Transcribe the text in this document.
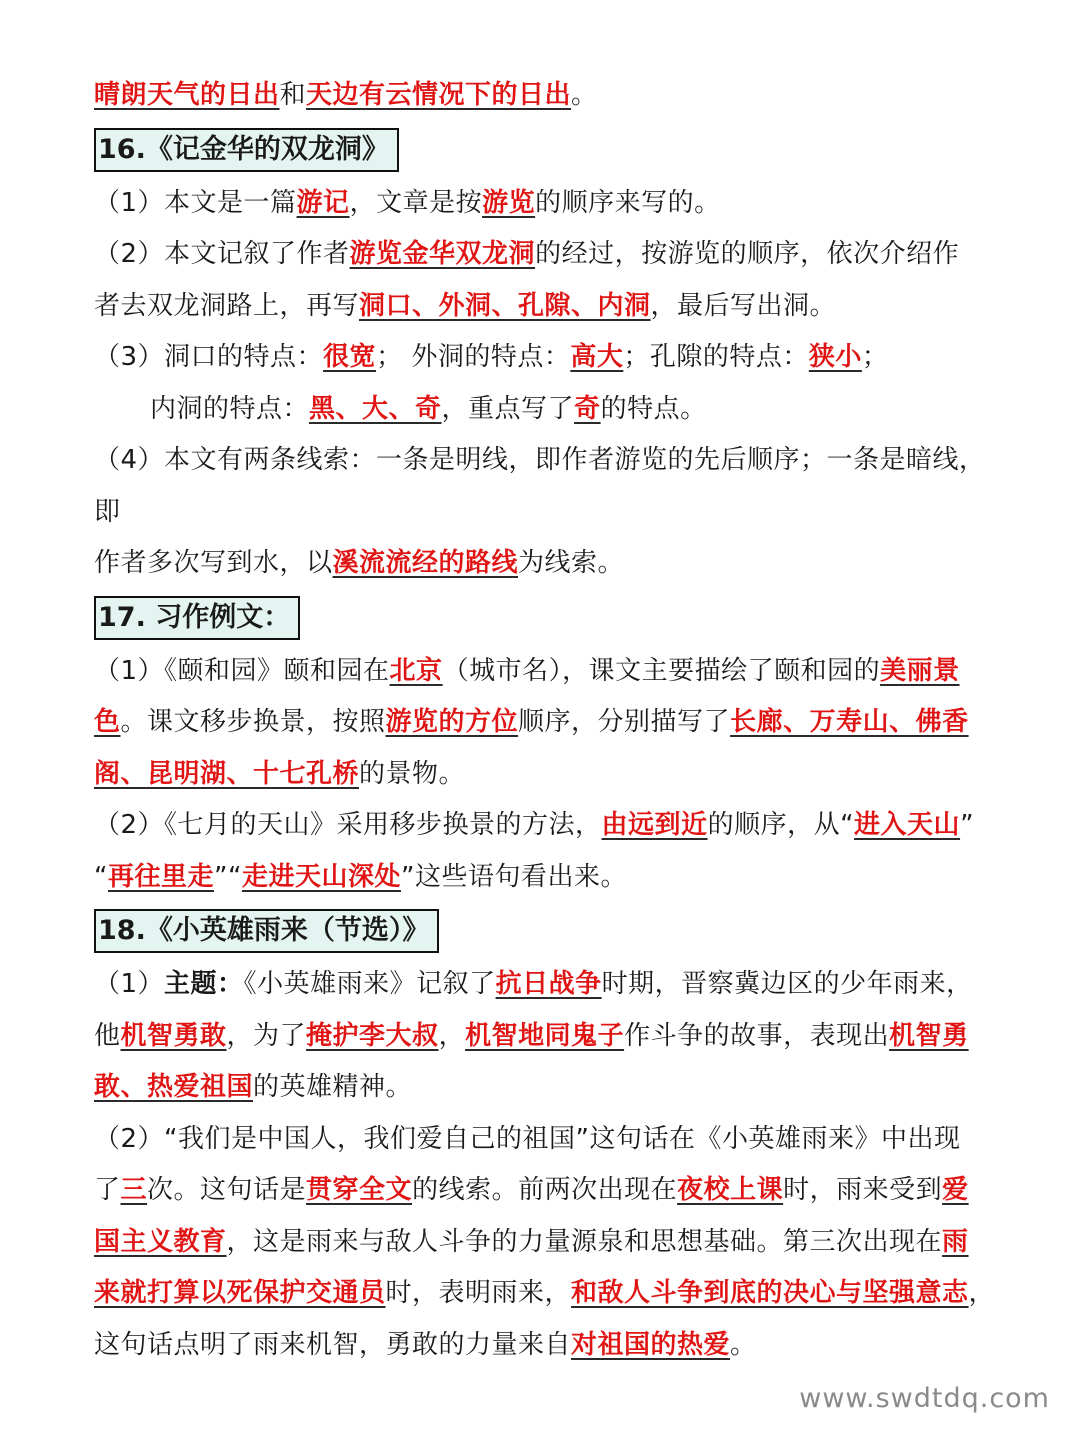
晴朗天气的日出和天边有云情况下的日出。
16.《记金华的双龙洞》
（1）本文是一篇游记，文章是按游览的顺序来写的。
（2）本文记叙了作者游览金华双龙洞的经过，按游览的顺序，依次介绍作
者去双龙洞路上，再写洞口、外洞、孔隙、内洞，最后写出洞。
（3）洞口的特点：很宽； 外洞的特点：高大；孔隙的特点：狭小；
内洞的特点：黑、大、奇，重点写了奇的特点。
（4）本文有两条线索：一条是明线，即作者游览的先后顺序；一条是暗线，
即
作者多次写到水，以溪流流经的路线为线索。
17. 习作例文：
（1）《颐和园》颐和园在北京（城市名），课文主要描绘了颐和园的美丽景
色。课文移步换景，按照游览的方位顺序，分别描写了长廊、万寿山、佛香
阁、昆明湖、十七孔桥的景物。
（2）《七月的天山》采用移步换景的方法，由远到近的顺序，从“进入天山”
“再往里走”“走进天山深处”这些语句看出来。
18.《小英雄雨来（节选）》
（1）主题：《小英雄雨来》记叙了抗日战争时期，晋察冀边区的少年雨来，
他机智勇敢，为了掩护李大叔，机智地同鬼子作斗争的故事，表现出机智勇
敢、热爱祖国的英雄精神。
（2）“我们是中国人，我们爱自己的祖国”这句话在《小英雄雨来》中出现
了三次。这句话是贯穿全文的线索。前两次出现在夜校上课时，雨来受到爱
国主义教育，这是雨来与敌人斗争的力量源泉和思想基础。第三次出现在雨
来就打算以死保护交通员时，表明雨来，和敌人斗争到底的决心与坚强意志，
这句话点明了雨来机智，勇敢的力量来自对祖国的热爱。
www.swdtdq.com
